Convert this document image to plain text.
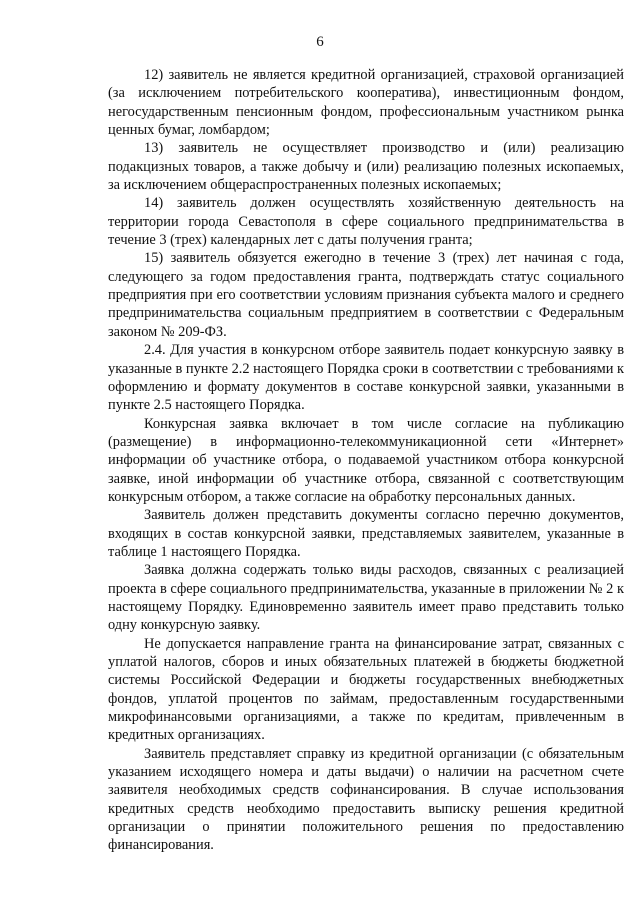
6

12) заявитель не является кредитной организацией, страховой организацией (за исключением потребительского кооператива), инвестиционным фондом, негосударственным пенсионным фондом, профессиональным участником рынка ценных бумаг, ломбардом;

13) заявитель не осуществляет производство и (или) реализацию подакцизных товаров, а также добычу и (или) реализацию полезных ископаемых, за исключением общераспространенных полезных ископаемых;

14) заявитель должен осуществлять хозяйственную деятельность на территории города Севастополя в сфере социального предпринимательства в течение 3 (трех) календарных лет с даты получения гранта;

15) заявитель обязуется ежегодно в течение 3 (трех) лет начиная с года, следующего за годом предоставления гранта, подтверждать статус социального предприятия при его соответствии условиям признания субъекта малого и среднего предпринимательства социальным предприятием в соответствии с Федеральным законом № 209-ФЗ.

2.4. Для участия в конкурсном отборе заявитель подает конкурсную заявку в указанные в пункте 2.2 настоящего Порядка сроки в соответствии с требованиями к оформлению и формату документов в составе конкурсной заявки, указанными в пункте 2.5 настоящего Порядка.

Конкурсная заявка включает в том числе согласие на публикацию (размещение) в информационно-телекоммуникационной сети «Интернет» информации об участнике отбора, о подаваемой участником отбора конкурсной заявке, иной информации об участнике отбора, связанной с соответствующим конкурсным отбором, а также согласие на обработку персональных данных.

Заявитель должен представить документы согласно перечню документов, входящих в состав конкурсной заявки, представляемых заявителем, указанные в таблице 1 настоящего Порядка.

Заявка должна содержать только виды расходов, связанных с реализацией проекта в сфере социального предпринимательства, указанные в приложении № 2 к настоящему Порядку. Единовременно заявитель имеет право представить только одну конкурсную заявку.

Не допускается направление гранта на финансирование затрат, связанных с уплатой налогов, сборов и иных обязательных платежей в бюджеты бюджетной системы Российской Федерации и бюджеты государственных внебюджетных фондов, уплатой процентов по займам, предоставленным государственными микрофинансовыми организациями, а также по кредитам, привлеченным в кредитных организациях.

Заявитель представляет справку из кредитной организации (с обязательным указанием исходящего номера и даты выдачи) о наличии на расчетном счете заявителя необходимых средств софинансирования. В случае использования кредитных средств необходимо предоставить выписку решения кредитной организации о принятии положительного решения по предоставлению финансирования.
